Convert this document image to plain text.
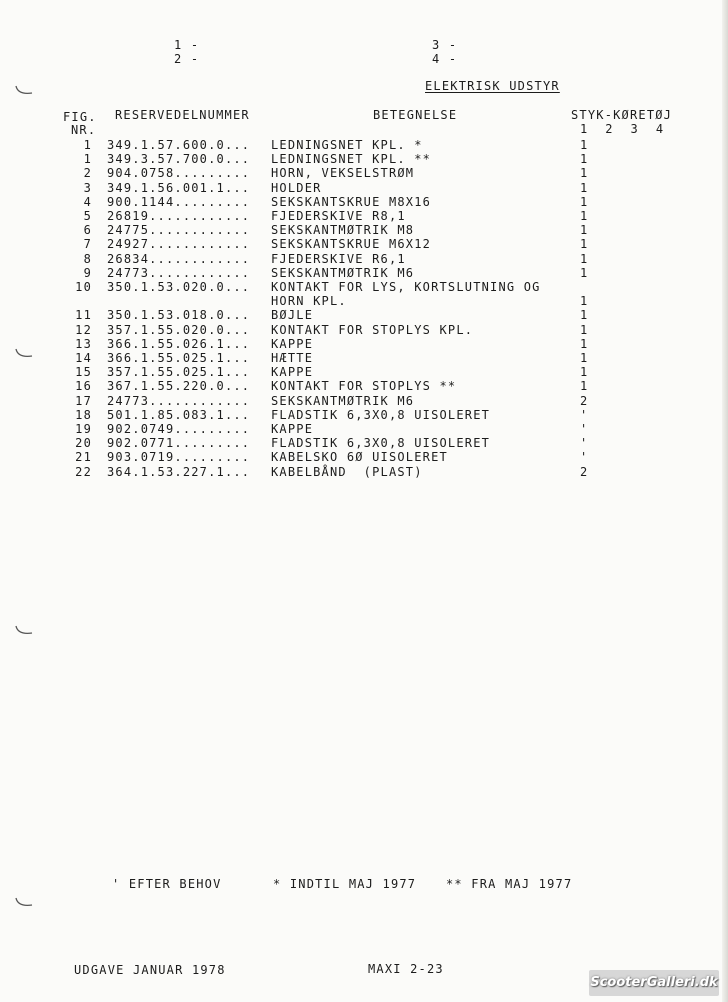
1 -
2 -
3 -
4 -
ELEKTRISK UDSTYR
FIG.
NR.
RESERVEDELNUMMER	BETEGNELSE	STYK-KØRETØJ
1  2  3  4
1 349.1.57.600.0... LEDNINGSNET KPL. *	1
1 349.3.57.700.0... LEDNINGSNET KPL. **	1
2 904.0758......... HORN, VEKSELSTRØM	1
3 349.1.56.001.1... HOLDER	1
4 900.1144......... SEKSKANTSKRUE M8X16	1
5 26819............ FJEDERSKIVE R8,1	1
6 24775............ SEKSKANTMØTRIK M8	1
7 24927............ SEKSKANTSKRUE M6X12	1
8 26834............ FJEDERSKIVE R6,1	1
9 24773............ SEKSKANTMØTRIK M6	1
10 350.1.53.020.0... KONTAKT FOR LYS, KORTSLUTNING OG
HORN KPL.	1
11 350.1.53.018.0... BØJLE	1
12 357.1.55.020.0... KONTAKT FOR STOPLYS KPL.	1
13 366.1.55.026.1... KAPPE	1
14 366.1.55.025.1... HÆTTE	1
15 357.1.55.025.1... KAPPE	1
16 367.1.55.220.0... KONTAKT FOR STOPLYS **	1
17 24773............ SEKSKANTMØTRIK M6	2
18 501.1.85.083.1... FLADSTIK 6,3X0,8 UISOLERET	'
19 902.0749......... KAPPE	'
20 902.0771......... FLADSTIK 6,3X0,8 UISOLERET	'
21 903.0719......... KABELSKO 6Ø UISOLERET	'
22 364.1.53.227.1... KABELBÅND  (PLAST)	2
' EFTER BEHOV	* INDTIL MAJ 1977 ** FRA MAJ 1977
UDGAVE JANUAR 1978	MAXI 2-23
ScooterGalleri.dk
